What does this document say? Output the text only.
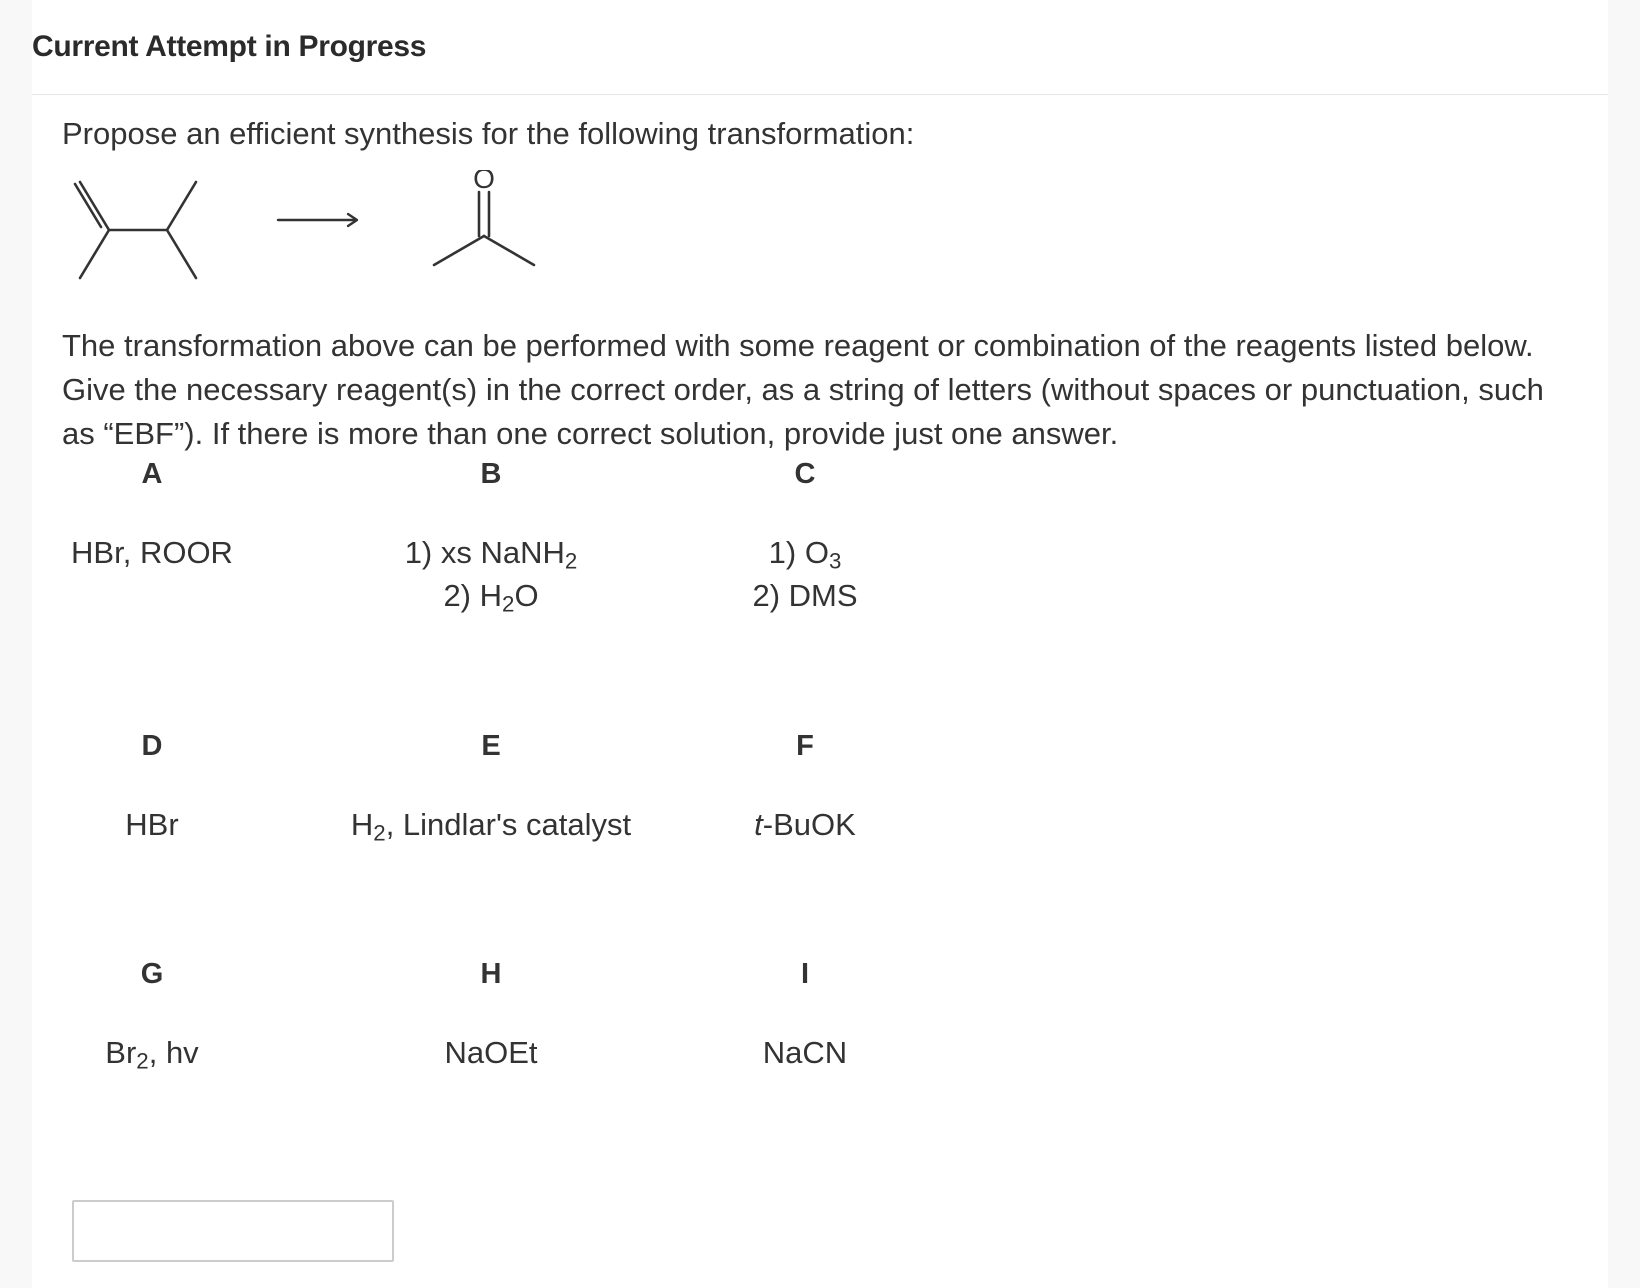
Current Attempt in Progress
Propose an efficient synthesis for the following transformation:
O
The transformation above can be performed with some reagent or combination of the reagents listed below.
Give the necessary reagent(s) in the correct order, as a string of letters (without spaces or punctuation, such
as “EBF”). If there is more than one correct solution, provide just one answer.
A
HBr, ROOR
B
1) xs NaNH$_2$
2) $H_2O$
C
1) $O_3$
2) DMS
D
HBr
E
$H_2$, Lindlar's catalyst
F
t-BuOK
G
$Br_2$, hv
H
NaOEt
I
NaCN
